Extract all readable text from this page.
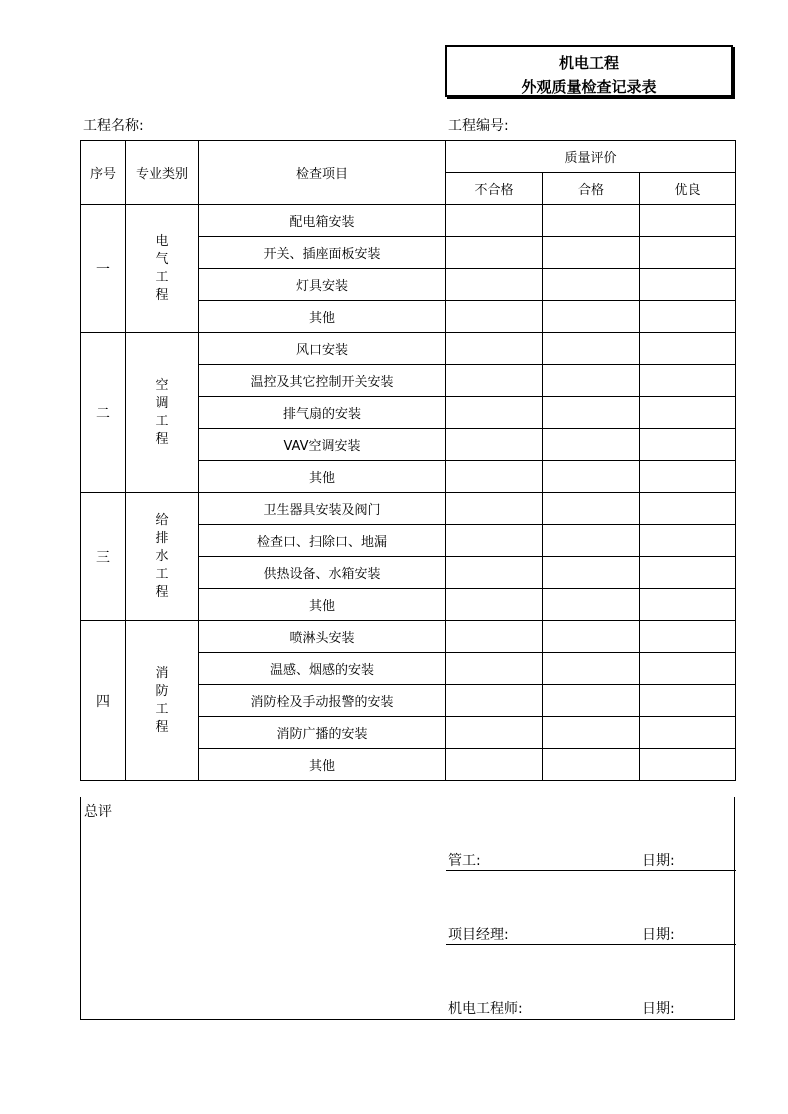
机电工程
外观质量检查记录表
工程名称:	工程编号:
序号	专业类别	检查项目	质量评价		
			不合格	合格	优良
一	电气工程	配电箱安装			
		开关、插座面板安装			
		灯具安装			
		其他			
二	空调工程	风口安装			
		温控及其它控制开关安装			
		排气扇的安装			
		VAV空调安装			
		其他			
三	给排水工程	卫生器具安装及阀门			
		检查口、扫除口、地漏			
		供热设备、水箱安装			
		其他			
四	消防工程	喷淋头安装			
		温感、烟感的安装			
		消防栓及手动报警的安装			
		消防广播的安装			
		其他			
总评
管工:	日期:
项目经理:	日期:
机电工程师:	日期:
